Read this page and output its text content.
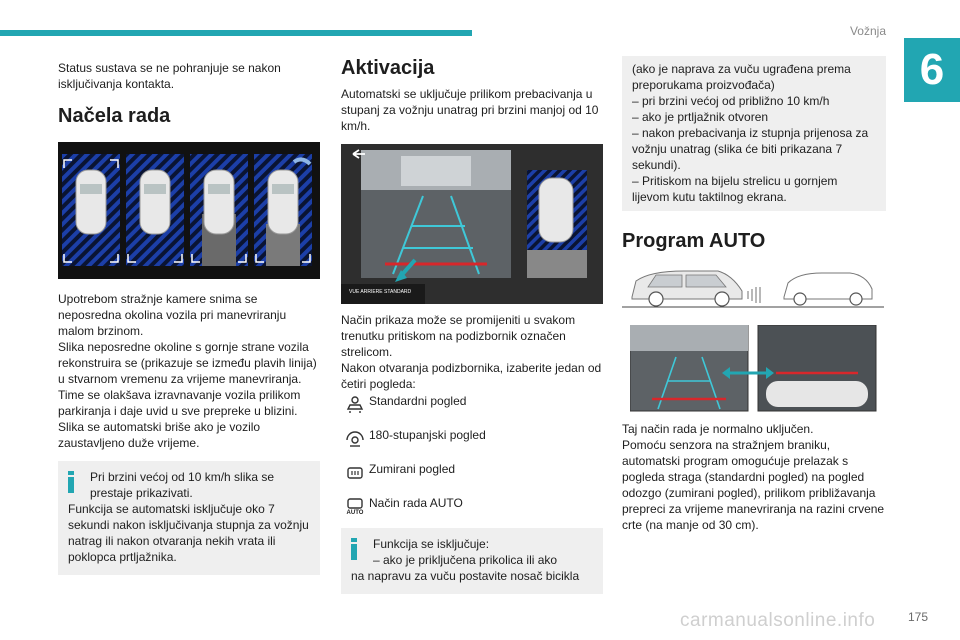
Vožnja
6

Status sustava se ne pohranjuje se nakon isključivanja kontakta.

Načela rada

Upotrebom stražnje kamere snima se neposredna okolina vozila pri manevriranju malom brzinom.

Slika neposredne okoline s gornje strane vozila rekonstruira se (prikazuje se između plavih linija) u stvarnom vremenu za vrijeme manevriranja.

Time se olakšava izravnavanje vozila prilikom parkiranja i daje uvid u sve prepreke u blizini. Slika se automatski briše ako je vozilo zaustavljeno duže vrijeme.

Pri brzini većoj od 10 km/h slika se prestaje prikazivati.

Funkcija se automatski isključuje oko 7 sekundi nakon isključivanja stupnja za vožnju natrag ili nakon otvaranja nekih vrata ili poklopca prtljažnika.

Aktivacija

Automatski se uključuje prilikom prebacivanja u stupanj za vožnju unatrag pri brzini manjoj od 10 km/h.

VUE ARRIERE STANDARD

Način prikaza može se promijeniti u svakom trenutku pritiskom na podizbornik označen strelicom.

Nakon otvaranja podizbornika, izaberite jedan od četiri pogleda:

Standardni pogled
180-stupanjski pogled
Zumirani pogled
AUTO
Način rada AUTO

Funkcija se isključuje:

– ako je priključena prikolica ili ako

na napravu za vuču postavite nosač bicikla

(ako je naprava za vuču ugrađena prema preporukama proizvođača)

– pri brzini većoj od približno 10 km/h

– ako je prtljažnik otvoren

– nakon prebacivanja iz stupnja prijenosa za vožnju unatrag (slika će biti prikazana 7 sekundi).

– Pritiskom na bijelu strelicu u gornjem lijevom kutu taktilnog ekrana.

Program AUTO

Taj način rada je normalno uključen.

Pomoću senzora na stražnjem braniku, automatski program omogućuje prelazak s pogleda straga (standardni pogled) na pogled odozgo (zumirani pogled), prilikom približavanja prepreci za vrijeme manevriranja na razini crvene crte (na manje od 30 cm).

carmanualsonline.info	175
